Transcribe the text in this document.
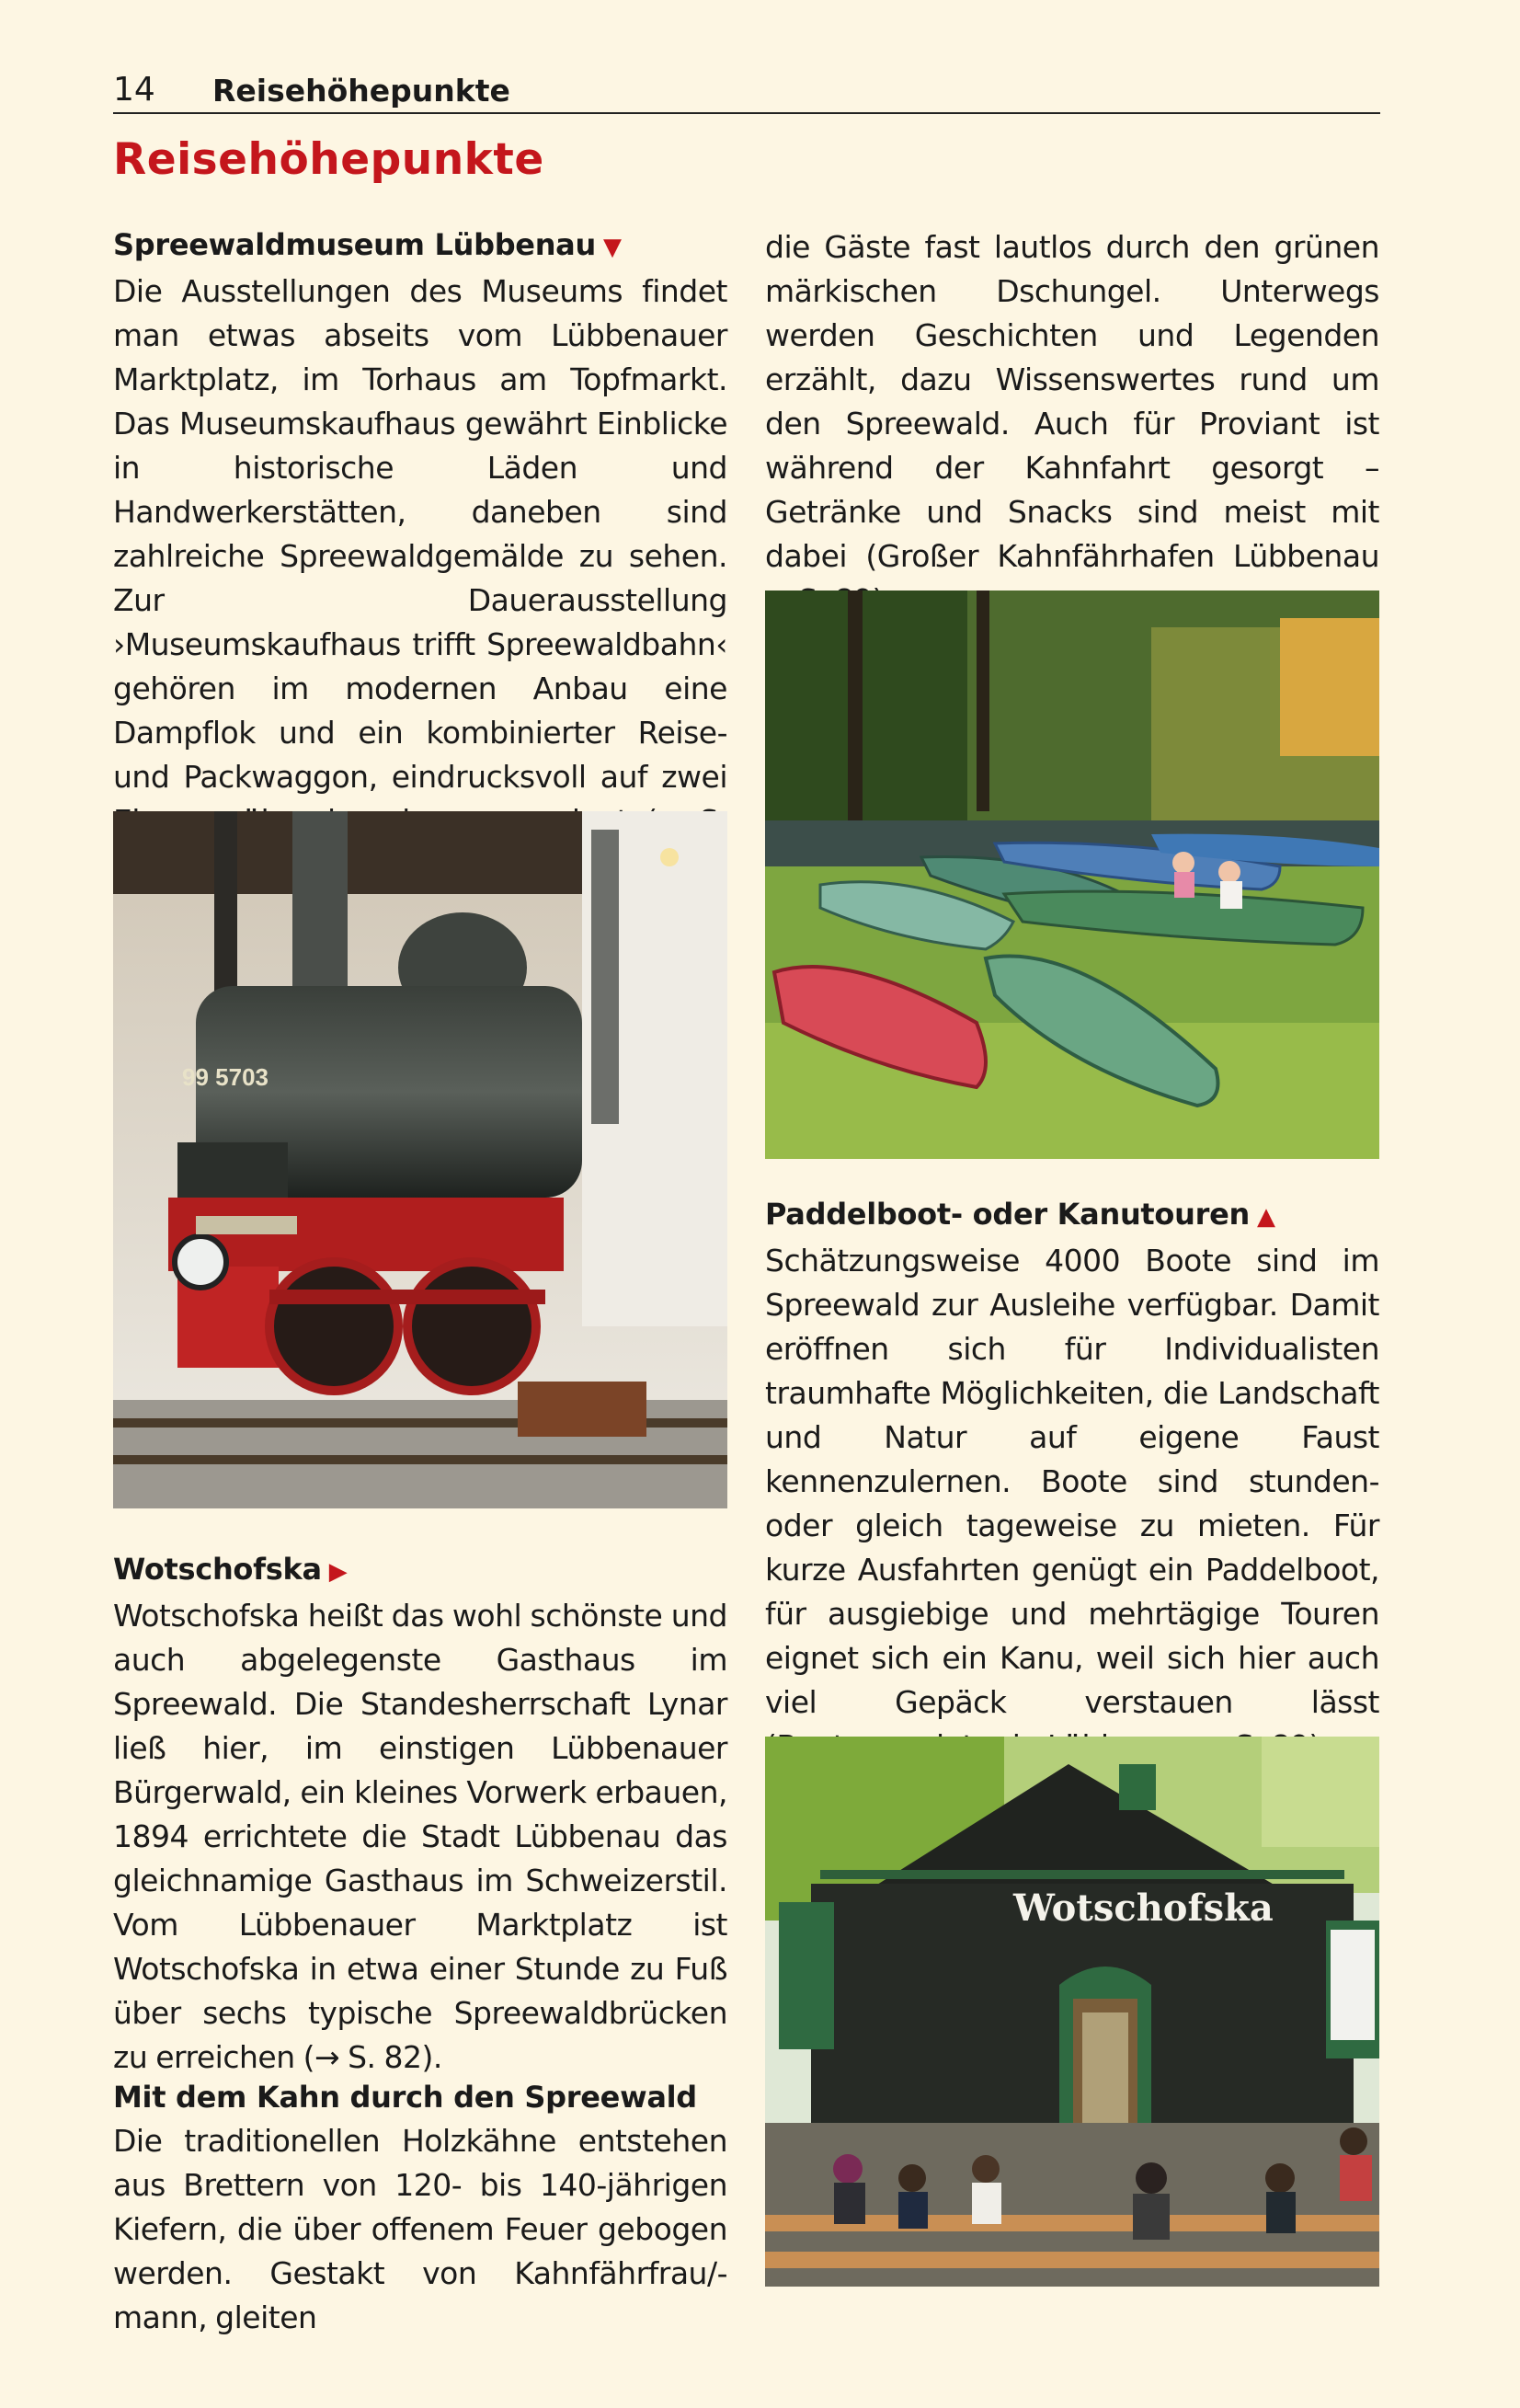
14	Reisehöhepunkte
Reisehöhepunkte
Spreewaldmuseum Lübbenau ▼

Die Ausstellungen des Museums findet man etwas abseits vom Lübbenauer Marktplatz, im Torhaus am Topfmarkt. Das Museumskaufhaus gewährt Einblicke in historische Läden und Handwerkerstätten, daneben sind zahlreiche Spreewaldgemälde zu sehen. Zur Dauerausstellung ›Museumskaufhaus trifft Spreewaldbahn‹ gehören im modernen Anbau eine Dampflok und ein kombinierter Reise- und Packwaggon, eindrucksvoll auf zwei

99 5703
Wotschofska ▶

Wotschofska heißt das wohl schönste und auch abgelegenste Gasthaus im Spreewald. Die Standesherrschaft Lynar ließ hier, im einstigen Lübbenauer Bürgerwald, ein kleines Vorwerk erbauen, 1894 errichtete die Stadt Lübbenau das gleichnamige Gasthaus im Schweizerstil. Vom Lübbenauer Marktplatz ist Wotschofska in etwa einer Stunde zu Fuß über sechs typische Spreewaldbrücken zu erreichen (→ S. 82).

Mit dem Kahn durch den Spreewald

Die traditionellen Holzkähne entstehen aus Brettern von 120- bis 140-jährigen Kiefern, die über offenem Feuer gebogen werden. Gestakt von Kahnfährfrau/-mann, gleiten

die Gäste fast lautlos durch den grünen märkischen Dschungel. Unterwegs werden Geschichten und Legenden erzählt, dazu Wissenswertes rund um den Spreewald. Auch für Proviant ist während der Kahnfahrt gesorgt – Getränke und Snacks sind meist mit dabei (Großer Kahnfährhafen Lübbenau

Paddelboot- oder Kanutouren ▲

Schätzungsweise 4000 Boote sind im Spreewald zur Ausleihe verfügbar. Damit eröffnen sich für Individualisten traumhafte Möglichkeiten, die Landschaft und Natur auf eigene Faust kennenzulernen. Boote sind stunden- oder gleich tageweise zu mieten. Für kurze Ausfahrten genügt ein Paddelboot, für ausgiebige und mehrtägige Touren eignet sich ein Kanu, weil sich hier auch viel Gepäck verstauen lässt

Wotschofska
